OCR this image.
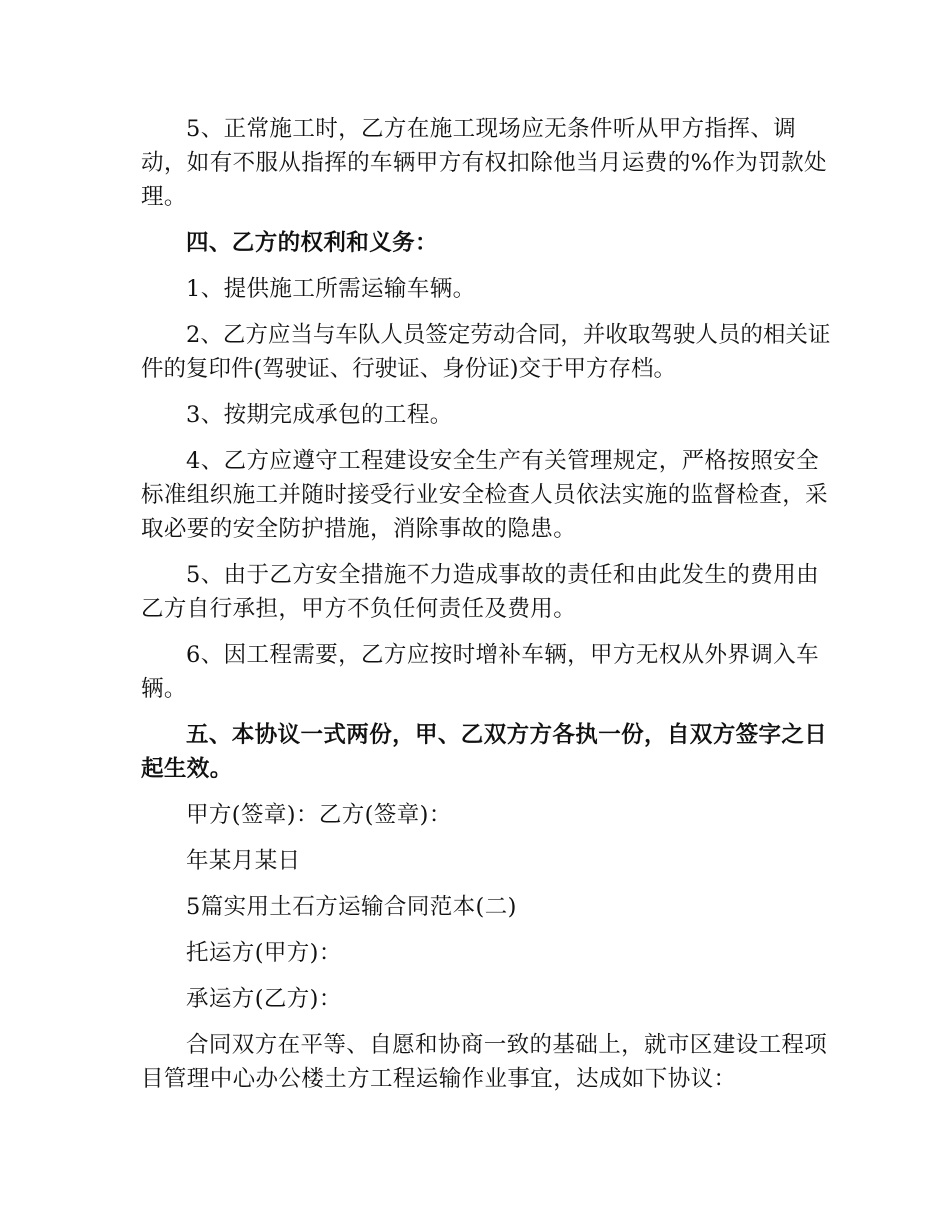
5、正常施工时，乙方在施工现场应无条件听从甲方指挥、调动，如有不服从指挥的车辆甲方有权扣除他当月运费的%作为罚款处理。

四、乙方的权利和义务：

1、提供施工所需运输车辆。

2、乙方应当与车队人员签定劳动合同，并收取驾驶人员的相关证件的复印件(驾驶证、行驶证、身份证)交于甲方存档。

3、按期完成承包的工程。

4、乙方应遵守工程建设安全生产有关管理规定，严格按照安全标准组织施工并随时接受行业安全检查人员依法实施的监督检查，采取必要的安全防护措施，消除事故的隐患。

5、由于乙方安全措施不力造成事故的责任和由此发生的费用由乙方自行承担，甲方不负任何责任及费用。

6、因工程需要，乙方应按时增补车辆，甲方无权从外界调入车辆。

五、本协议一式两份，甲、乙双方方各执一份，自双方签字之日起生效。

甲方(签章)：乙方(签章)：

年某月某日

5篇实用土石方运输合同范本(二)

托运方(甲方)：

承运方(乙方)：

合同双方在平等、自愿和协商一致的基础上，就市区建设工程项目管理中心办公楼土方工程运输作业事宜，达成如下协议：
